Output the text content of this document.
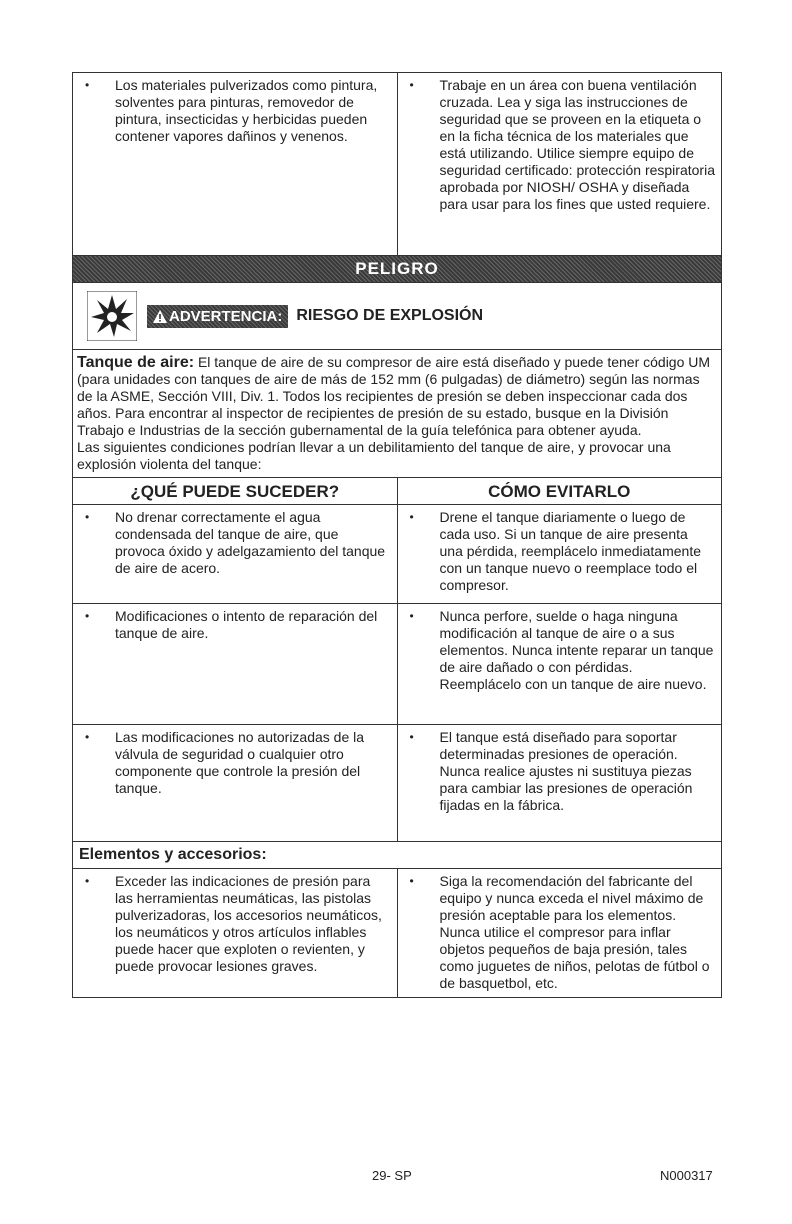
• Los materiales pulverizados como pintura, solventes para pinturas, removedor de pintura, insecticidas y herbicidas pueden contener vapores dañinos y venenos.
• Trabaje en un área con buena ventilación cruzada. Lea y siga las instrucciones de seguridad que se proveen en la etiqueta o en la ficha técnica de los materiales que está utilizando. Utilice siempre equipo de seguridad certificado: protección respiratoria aprobada por NIOSH/ OSHA y diseñada para usar para los fines que usted requiere.
PELIGRO
ADVERTENCIA: RIESGO DE EXPLOSIÓN
Tanque de aire: El tanque de aire de su compresor de aire está diseñado y puede tener código UM (para unidades con tanques de aire de más de 152 mm (6 pulgadas) de diámetro) según las normas de la ASME, Sección VIII, Div. 1. Todos los recipientes de presión se deben inspeccionar cada dos años. Para encontrar al inspector de recipientes de presión de su estado, busque en la División Trabajo e Industrias de la sección gubernamental de la guía telefónica para obtener ayuda.
Las siguientes condiciones podrían llevar a un debilitamiento del tanque de aire, y provocar una explosión violenta del tanque:
¿QUÉ PUEDE SUCEDER?	CÓMO EVITARLO
• No drenar correctamente el agua condensada del tanque de aire, que provoca óxido y adelgazamiento del tanque de aire de acero.
• Drene el tanque diariamente o luego de cada uso. Si un tanque de aire presenta una pérdida, reemplácelo inmediatamente con un tanque nuevo o reemplace todo el compresor.
• Modificaciones o intento de reparación del tanque de aire.
• Nunca perfore, suelde o haga ninguna modificación al tanque de aire o a sus elementos. Nunca intente reparar un tanque de aire dañado o con pérdidas. Reemplácelo con un tanque de aire nuevo.
• Las modificaciones no autorizadas de la válvula de seguridad o cualquier otro componente que controle la presión del tanque.
• El tanque está diseñado para soportar determinadas presiones de operación. Nunca realice ajustes ni sustituya piezas para cambiar las presiones de operación fijadas en la fábrica.
Elementos y accesorios:
• Exceder las indicaciones de presión para las herramientas neumáticas, las pistolas pulverizadoras, los accesorios neumáticos, los neumáticos y otros artículos inflables puede hacer que exploten o revienten, y puede provocar lesiones graves.
• Siga la recomendación del fabricante del equipo y nunca exceda el nivel máximo de presión aceptable para los elementos. Nunca utilice el compresor para inflar objetos pequeños de baja presión, tales como juguetes de niños, pelotas de fútbol o de basquetbol, etc.
29- SP	N000317
